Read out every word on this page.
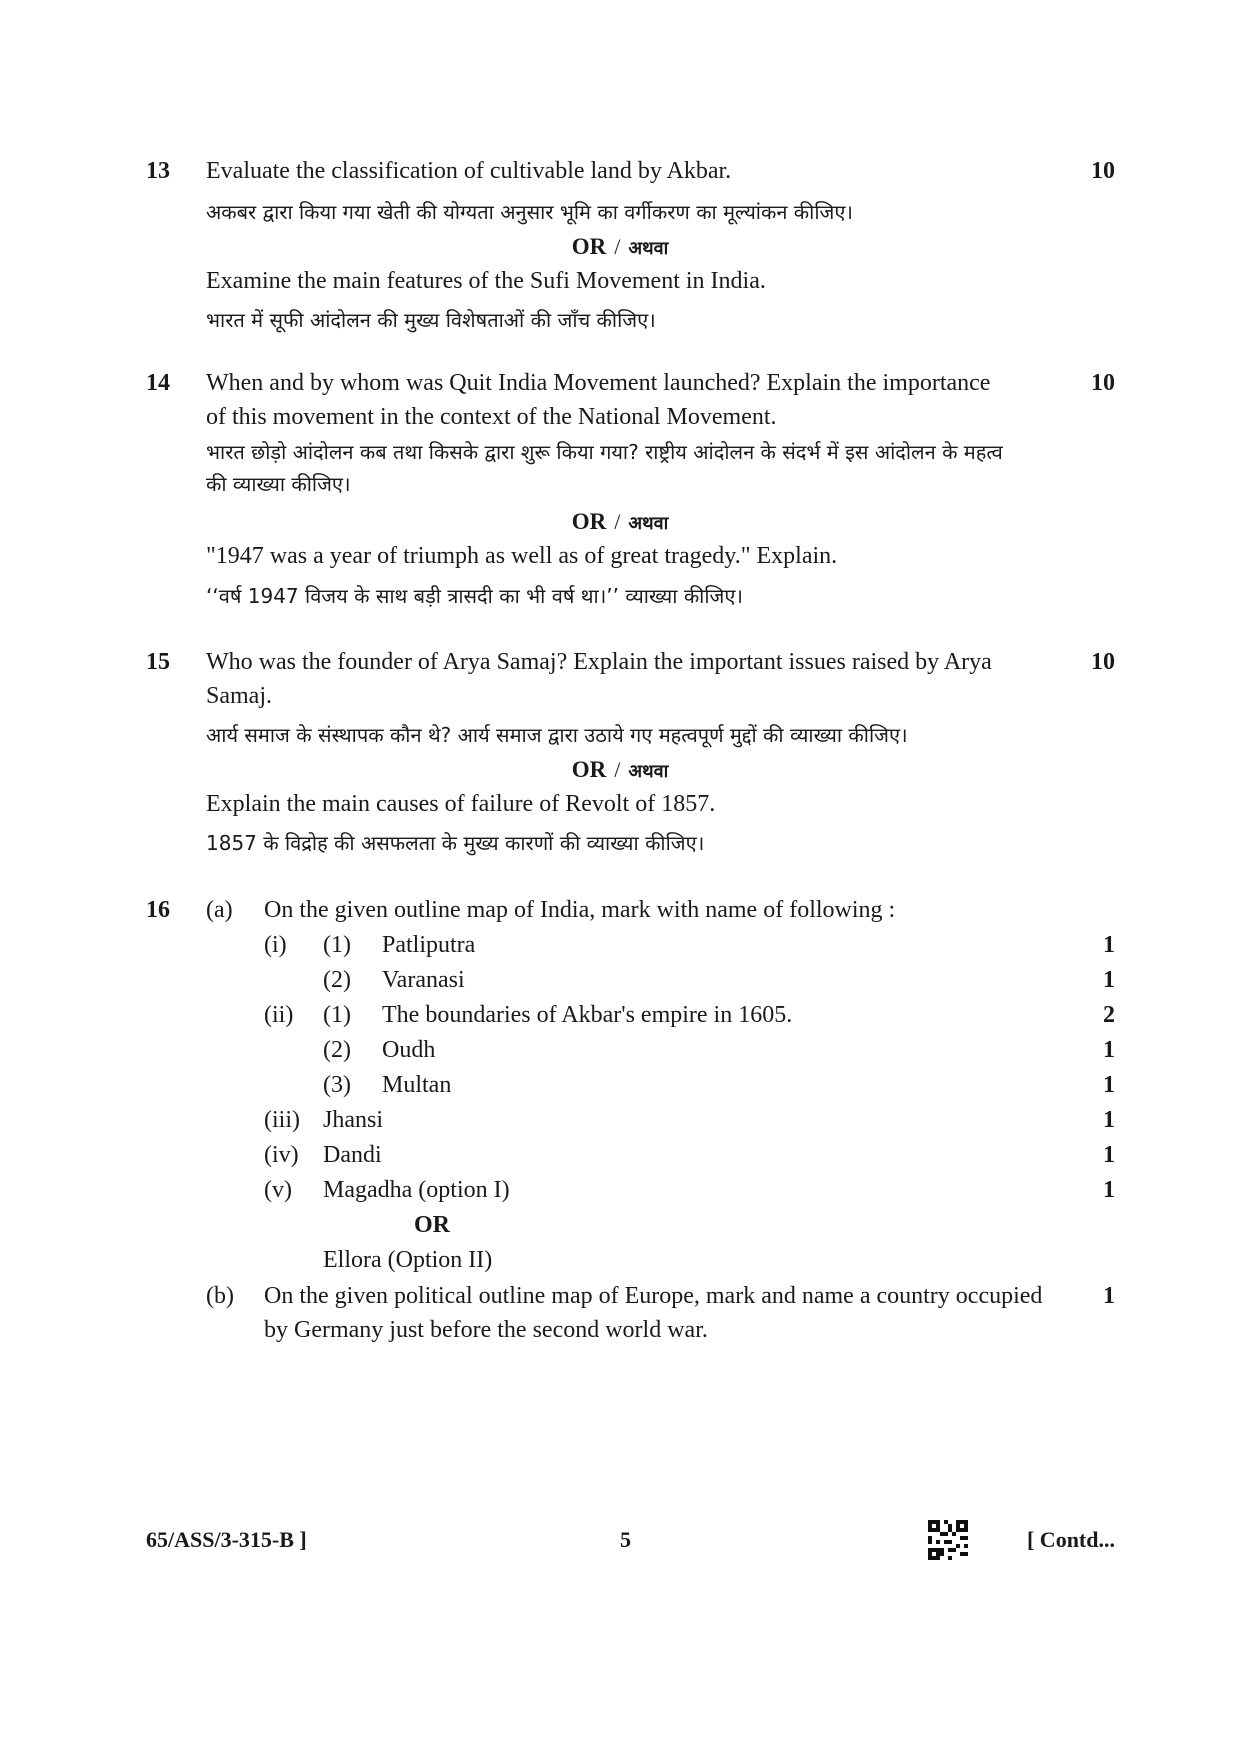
13	10
Evaluate the classification of cultivable land by Akbar.
अकबर द्वारा किया गया खेती की योग्यता अनुसार भूमि का वर्गीकरण का मूल्यांकन कीजिए।
OR / अथवा
Examine the main features of the Sufi Movement in India.
भारत में सूफी आंदोलन की मुख्य विशेषताओं की जाँच कीजिए।
14	10
When and by whom was Quit India Movement launched? Explain the importance of this movement in the context of the National Movement.
भारत छोड़ो आंदोलन कब तथा किसके द्वारा शुरू किया गया? राष्ट्रीय आंदोलन के संदर्भ में इस आंदोलन के महत्व की व्याख्या कीजिए।
OR / अथवा
"1947 was a year of triumph as well as of great tragedy." Explain.
‘‘वर्ष 1947 विजय के साथ बड़ी त्रासदी का भी वर्ष था।’’ व्याख्या कीजिए।
15	10
Who was the founder of Arya Samaj? Explain the important issues raised by Arya Samaj.
आर्य समाज के संस्थापक कौन थे? आर्य समाज द्वारा उठाये गए महत्वपूर्ण मुद्दों की व्याख्या कीजिए।
OR / अथवा
Explain the main causes of failure of Revolt of 1857.
1857 के विद्रोह की असफलता के मुख्य कारणों की व्याख्या कीजिए।
16 (a) On the given outline map of India, mark with name of following :
(i) (1) Patliputra	1
(2) Varanasi	1
(ii) (1) The boundaries of Akbar's empire in 1605.	2
(2) Oudh	1
(3) Multan	1
(iii) Jhansi	1
(iv) Dandi	1
(v) Magadha (option I)	1
OR
Ellora (Option II)
(b) On the given political outline map of Europe, mark and name a country occupied by Germany just before the second world war.
1
65/ASS/3-315-B ]	5	[ Contd...
